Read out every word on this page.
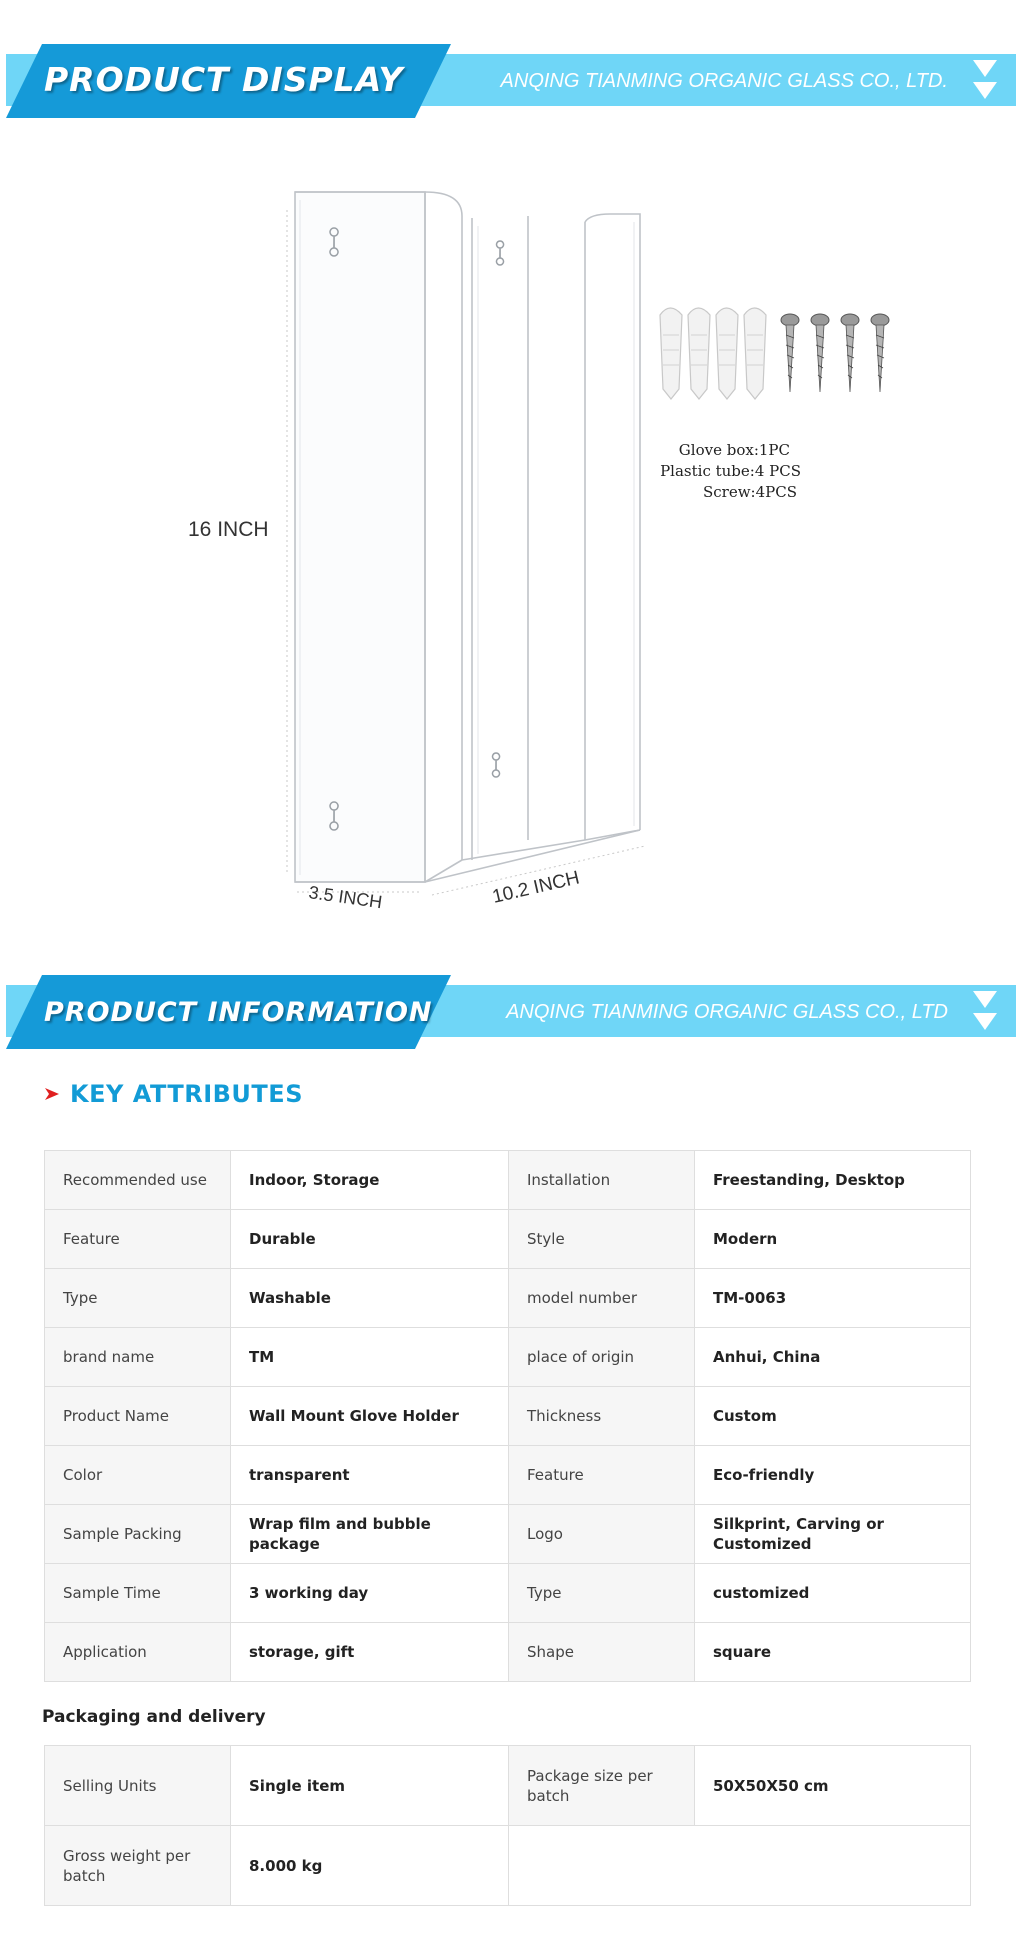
PRODUCT DISPLAY	ANQING TIANMING ORGANIC GLASS CO., LTD.
16 INCH
3.5 INCH	10.2 INCH
Glove box:1PC
Plastic tube:4 PCS
Screw:4PCS
PRODUCT INFORMATION	ANQING TIANMING ORGANIC GLASS CO., LTD
KEY ATTRIBUTES
Recommended use	Indoor, Storage	Installation	Freestanding, Desktop
Feature	Durable	Style	Modern
Type	Washable	model number	TM-0063
brand name	TM	place of origin	Anhui, China
Product Name	Wall Mount Glove Holder	Thickness	Custom
Color	transparent	Feature	Eco-friendly
Sample Packing	Wrap film and bubble package	Logo	Silkprint, Carving or Customized
Sample Time	3 working day	Type	customized
Application	storage, gift	Shape	square
Packaging and delivery
Selling Units	Single item	Package size per batch	50X50X50 cm
Gross weight per batch	8.000 kg		
